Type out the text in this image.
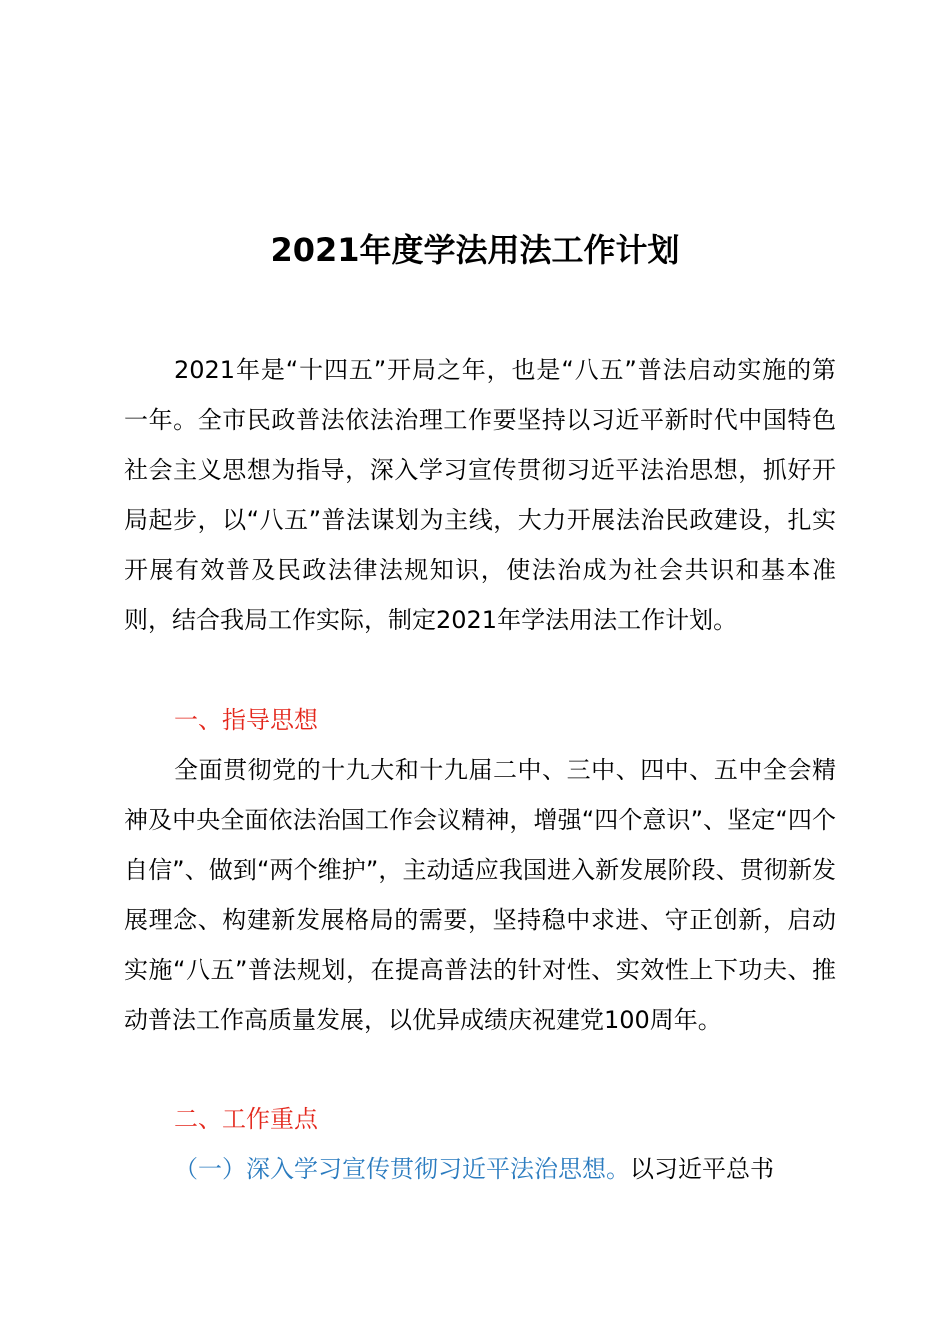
2021年度学法用法工作计划

2021年是“十四五”开局之年，也是“八五”普法启动实施的第一年。全市民政普法依法治理工作要坚持以习近平新时代中国特色社会主义思想为指导，深入学习宣传贯彻习近平法治思想，抓好开局起步，以“八五”普法谋划为主线，大力开展法治民政建设，扎实开展有效普及民政法律法规知识，使法治成为社会共识和基本准则，结合我局工作实际，制定2021年学法用法工作计划。

一、指导思想

全面贯彻党的十九大和十九届二中、三中、四中、五中全会精神及中央全面依法治国工作会议精神，增强“四个意识”、坚定“四个自信”、做到“两个维护”，主动适应我国进入新发展阶段、贯彻新发展理念、构建新发展格局的需要，坚持稳中求进、守正创新，启动实施“八五”普法规划，在提高普法的针对性、实效性上下功夫、推动普法工作高质量发展，以优异成绩庆祝建党100周年。

二、工作重点

（一）深入学习宣传贯彻习近平法治思想。以习近平总书
